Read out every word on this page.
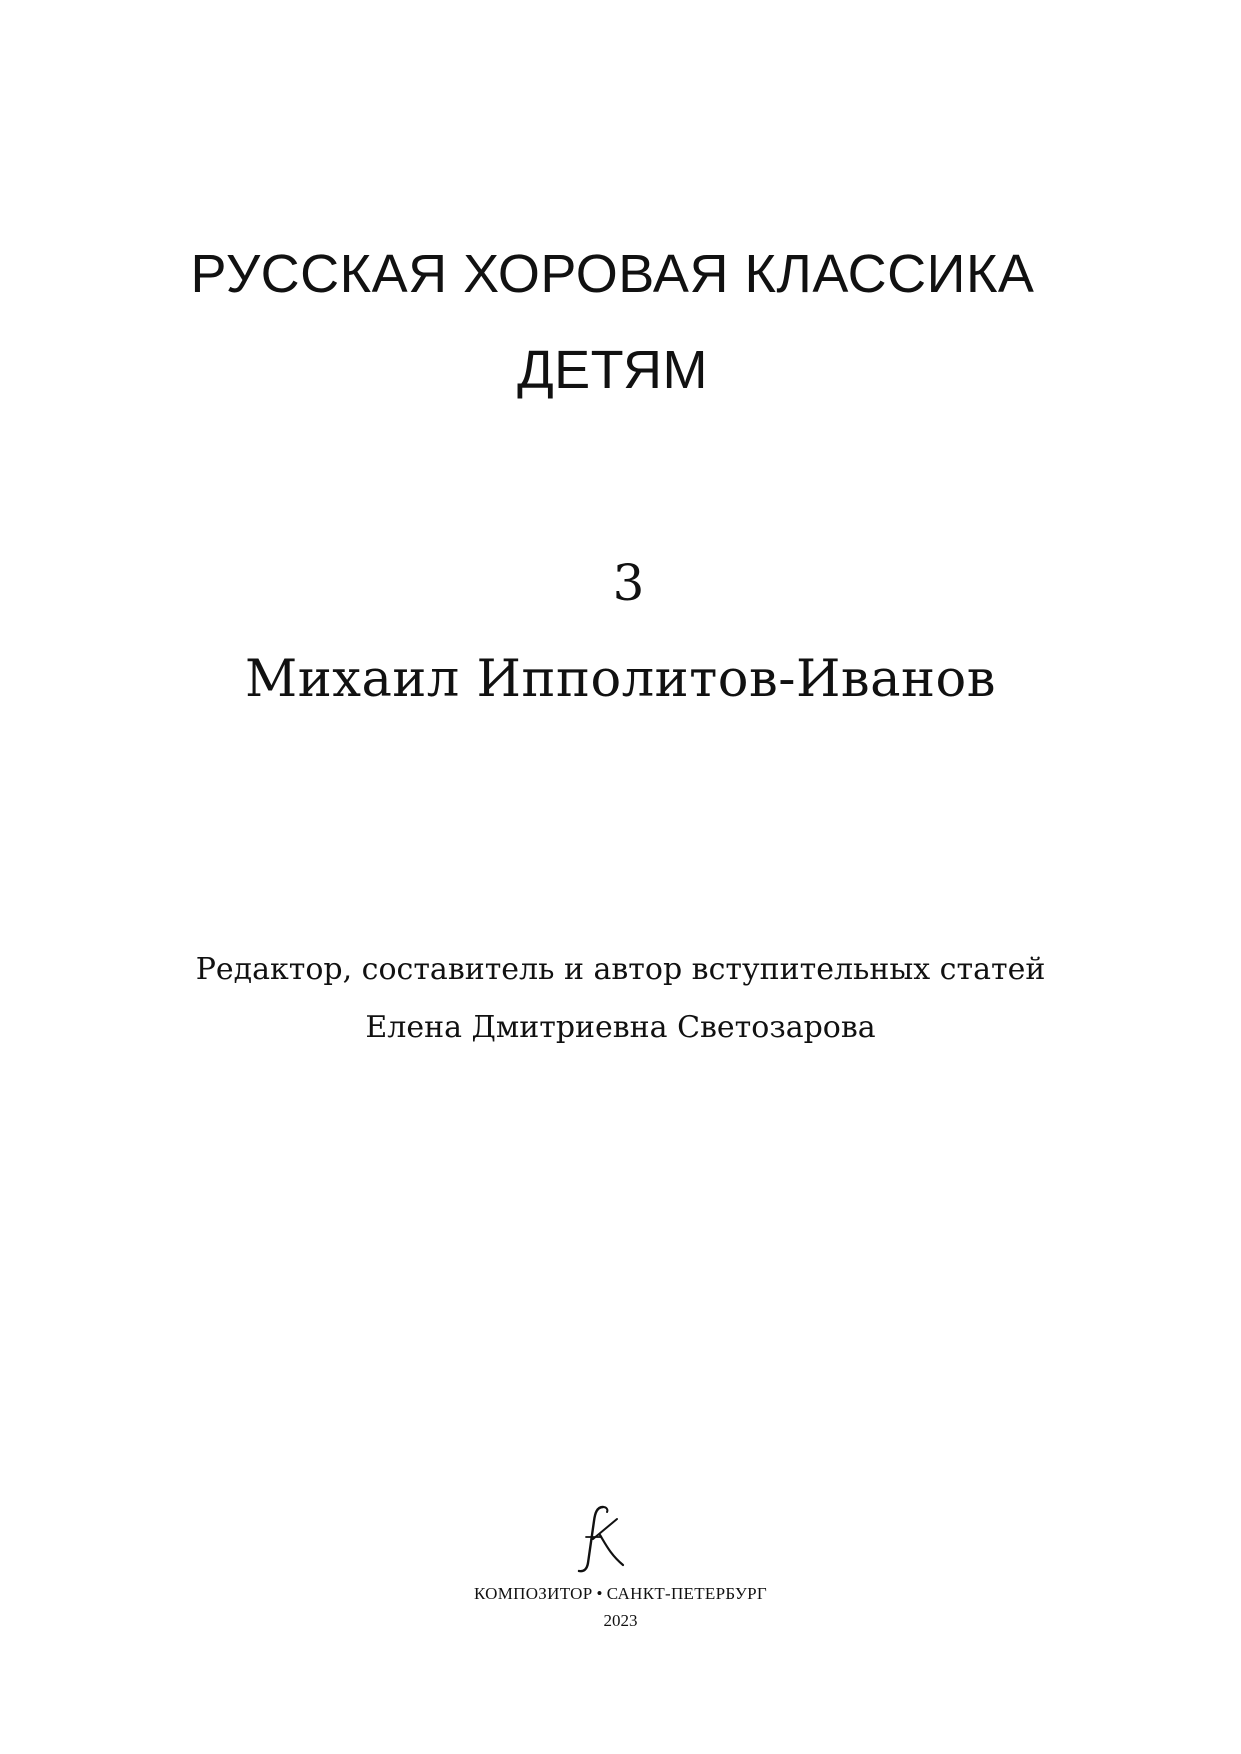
РУССКАЯ ХОРОВАЯ КЛАССИКА
ДЕТЯМ
3
Михаил Ипполитов-Иванов
Редактор, составитель и автор вступительных статей
Елена Дмитриевна Светозарова
КОМПОЗИТОР • САНКТ-ПЕТЕРБУРГ
2023
